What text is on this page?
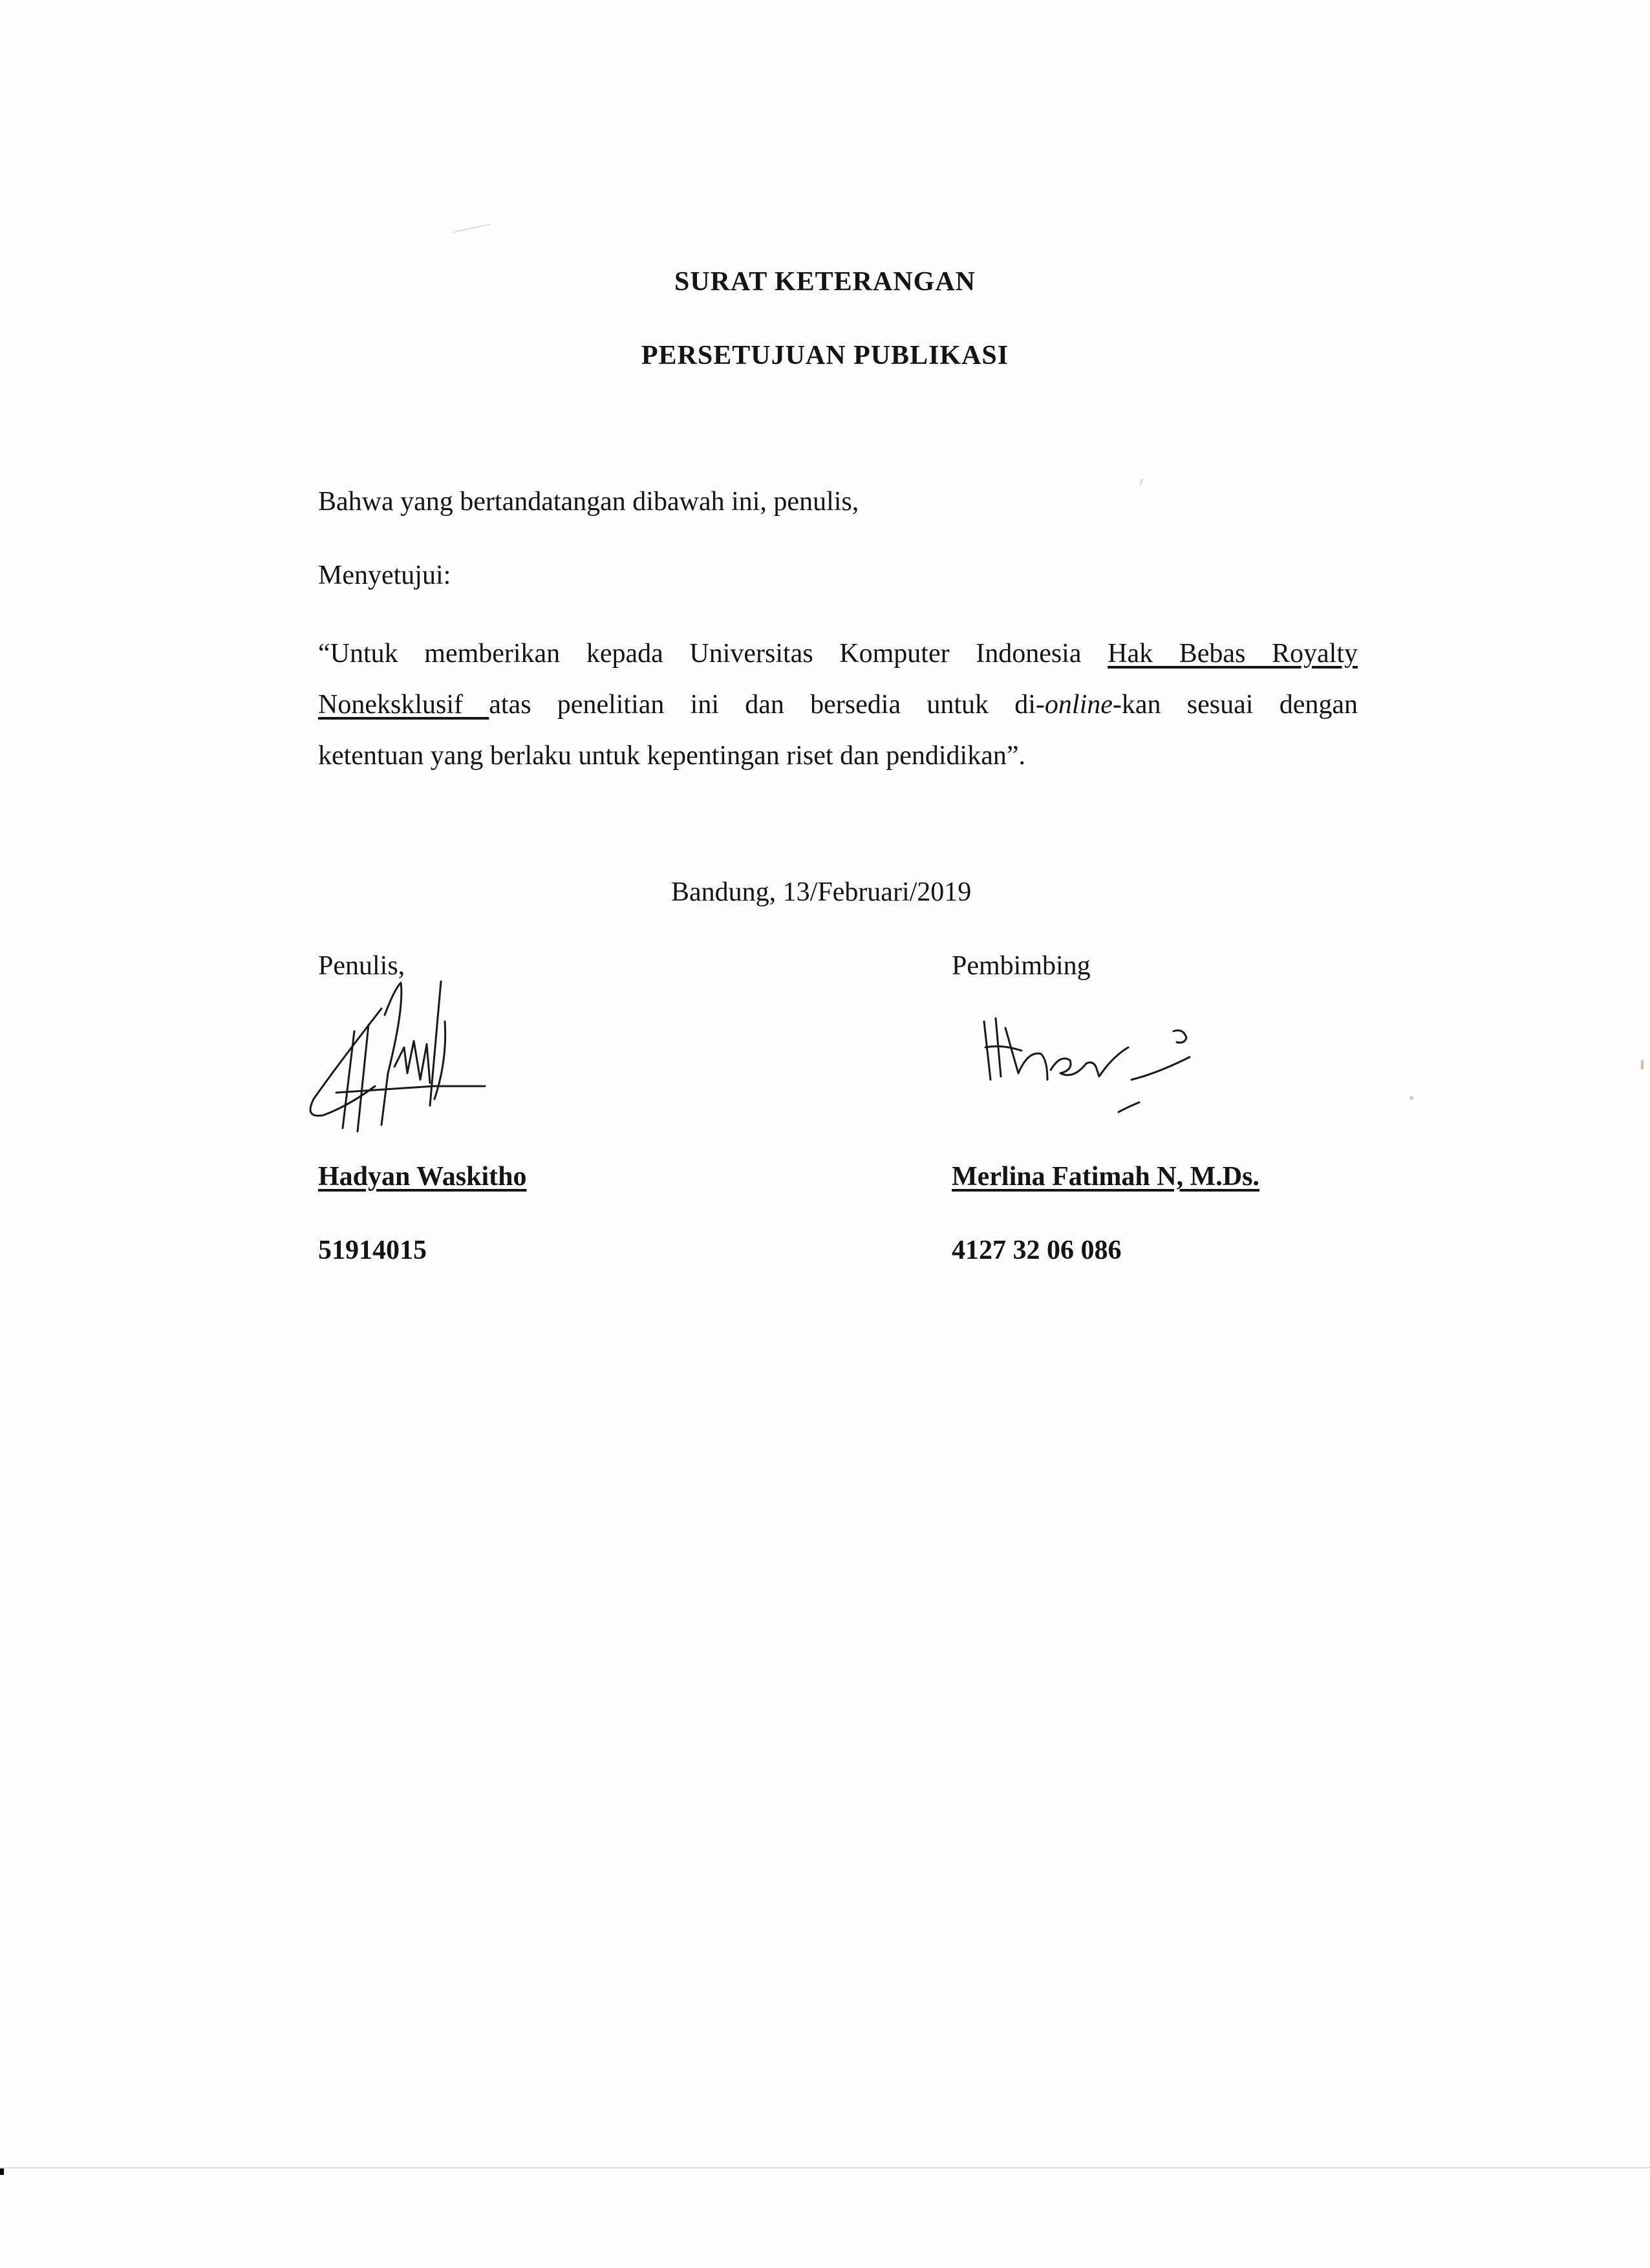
SURAT KETERANGAN
PERSETUJUAN PUBLIKASI
Bahwa yang bertandatangan dibawah ini, penulis,
Menyetujui:
“Untuk memberikan kepada Universitas Komputer Indonesia Hak Bebas Royalty
Noneksklusif atas penelitian ini dan bersedia untuk di-online-kan sesuai dengan
ketentuan yang berlaku untuk kepentingan riset dan pendidikan”.
Bandung, 13/Februari/2019
Penulis,	Pembimbing
Hadyan Waskitho	Merlina Fatimah N, M.Ds.
51914015	4127 32 06 086
